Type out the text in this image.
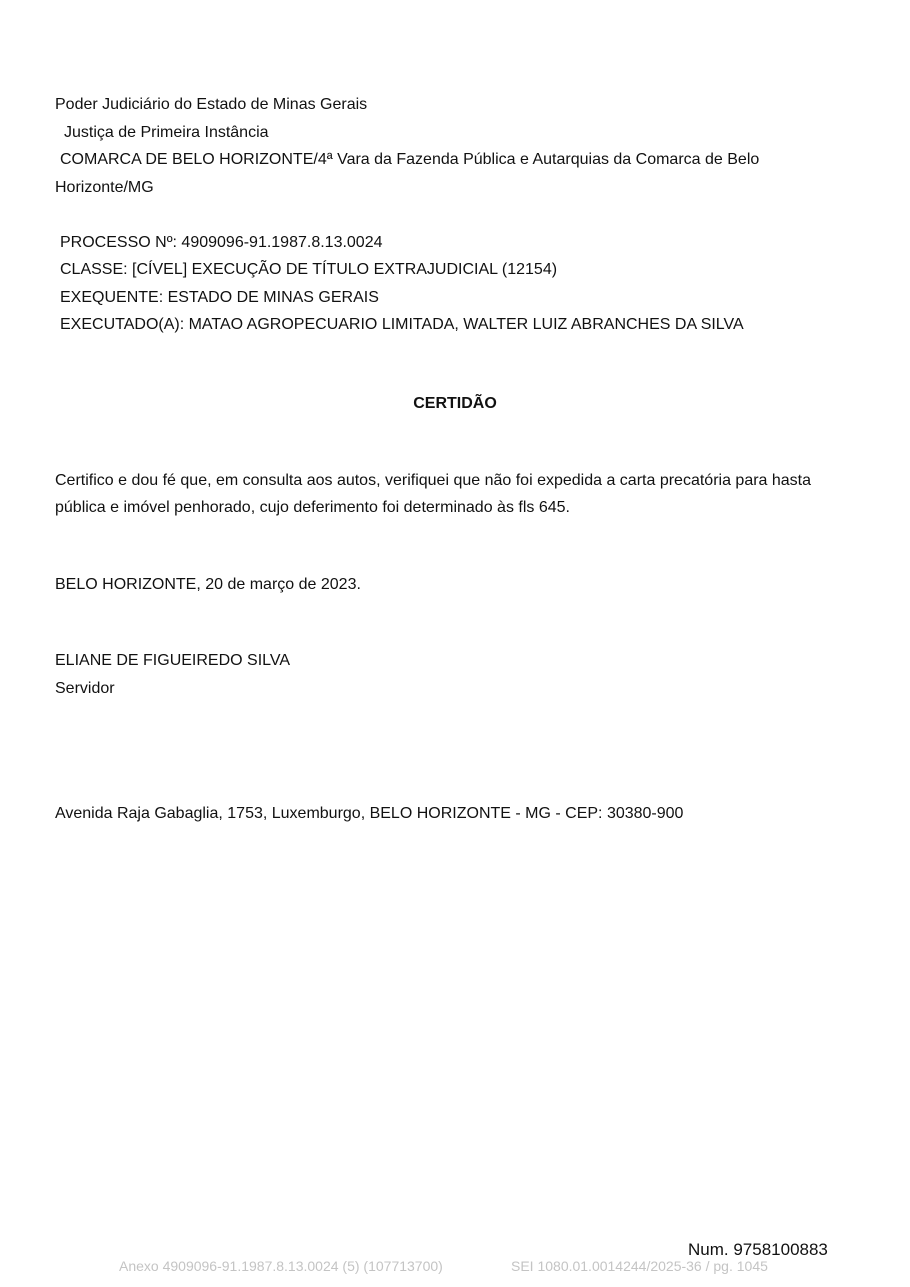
Poder Judiciário do Estado de Minas Gerais
Justiça de Primeira Instância
COMARCA DE BELO HORIZONTE/4ª Vara da Fazenda Pública e Autarquias da Comarca de Belo
Horizonte/MG
PROCESSO Nº: 4909096-91.1987.8.13.0024
CLASSE: [CÍVEL] EXECUÇÃO DE TÍTULO EXTRAJUDICIAL (12154)
EXEQUENTE: ESTADO DE MINAS GERAIS
EXECUTADO(A): MATAO AGROPECUARIO LIMITADA, WALTER LUIZ ABRANCHES DA SILVA
CERTIDÃO
Certifico e dou fé que, em consulta aos autos, verifiquei que não foi expedida a carta precatória para hasta
pública e imóvel penhorado, cujo deferimento foi determinado às fls 645.
BELO HORIZONTE, 20 de março de 2023.
ELIANE DE FIGUEIREDO SILVA
Servidor
Avenida Raja Gabaglia, 1753, Luxemburgo, BELO HORIZONTE - MG - CEP: 30380-900
Num. 9758100883
Anexo 4909096-91.1987.8.13.0024 (5) (107713700)	SEI 1080.01.0014244/2025-36 / pg. 1045
